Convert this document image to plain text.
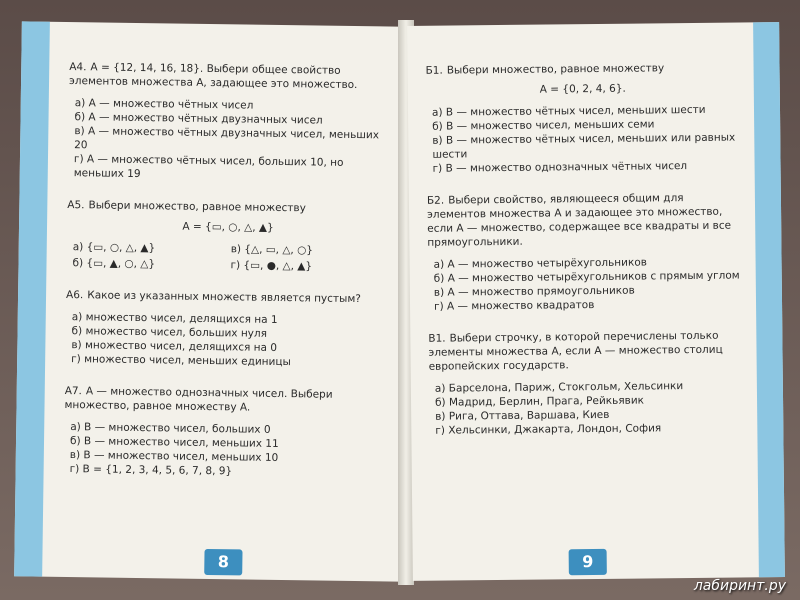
А4. A = {12, 14, 16, 18}. Выбери общее свойство элементов множества A, задающее это множество.
а) A — множество чётных чисел
б) A — множество чётных двузначных чисел
в) A — множество чётных двузначных чисел, меньших 20
г) A — множество чётных чисел, больших 10, но меньших 19
А5. Выбери множество, равное множеству
A = {▭, ○, △, ▲}
а) {▭, ○, △, ▲}	в) {△, ▭, △, ○}
б) {▭, ▲, ○, △}	г) {▭, ●, △, ▲}
А6. Какое из указанных множеств является пустым?
а) множество чисел, делящихся на 1
б) множество чисел, больших нуля
в) множество чисел, делящихся на 0
г) множество чисел, меньших единицы
А7. A — множество однозначных чисел. Выбери множество, равное множеству A.
а) B — множество чисел, больших 0
б) B — множество чисел, меньших 11
в) B — множество чисел, меньших 10
г) B = {1, 2, 3, 4, 5, 6, 7, 8, 9}
8
Б1. Выбери множество, равное множеству
A = {0, 2, 4, 6}.
а) B — множество чётных чисел, меньших шести
б) B — множество чисел, меньших семи
в) B — множество чётных чисел, меньших или равных шести
г) B — множество однозначных чётных чисел
Б2. Выбери свойство, являющееся общим для элементов множества A и задающее это множество, если A — множество, содержащее все квадраты и все прямоугольники.
а) A — множество четырёхугольников
б) A — множество четырёхугольников с прямым углом
в) A — множество прямоугольников
г) A — множество квадратов
В1. Выбери строчку, в которой перечислены только элементы множества A, если A — множество столиц европейских государств.
а) Барселона, Париж, Стокгольм, Хельсинки
б) Мадрид, Берлин, Прага, Рейкьявик
в) Рига, Оттава, Варшава, Киев
г) Хельсинки, Джакарта, Лондон, София
9
лабиринт.ру
